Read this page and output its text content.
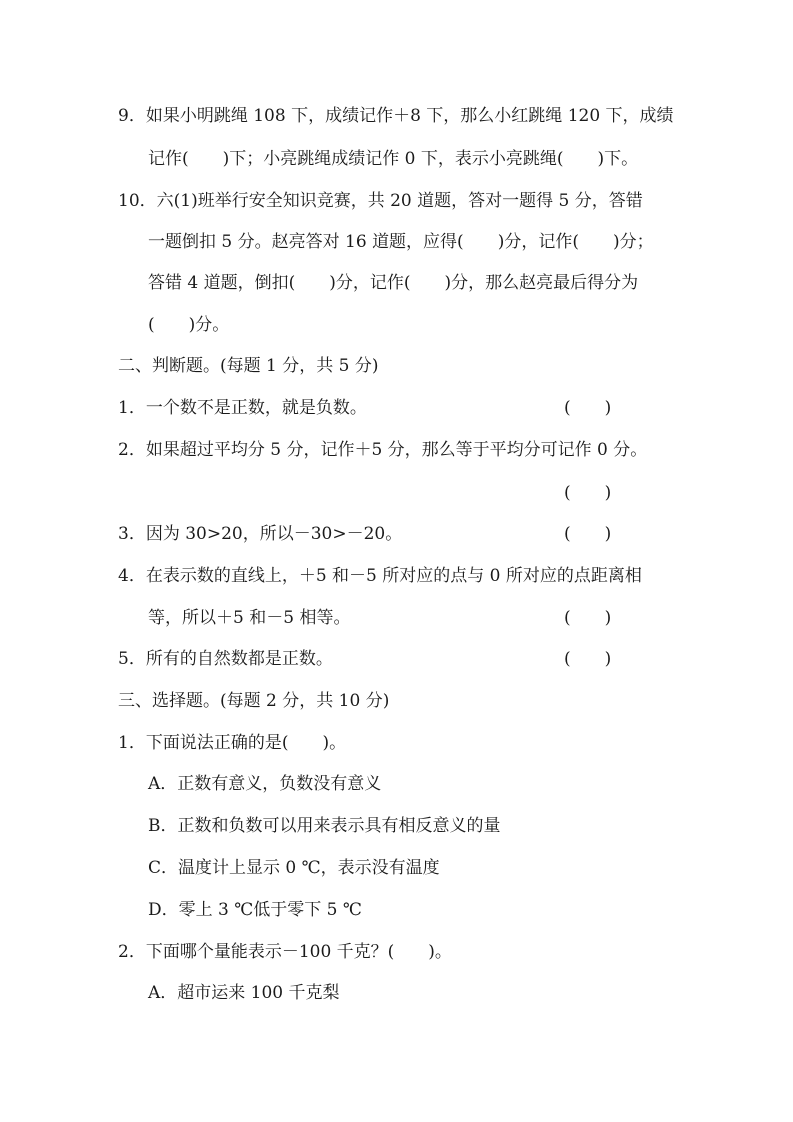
9．如果小明跳绳 108 下，成绩记作＋8 下，那么小红跳绳 120 下，成绩
记作(　　)下；小亮跳绳成绩记作 0 下，表示小亮跳绳(　　)下。
10．六(1)班举行安全知识竞赛，共 20 道题，答对一题得 5 分，答错
一题倒扣 5 分。赵亮答对 16 道题，应得(　　)分，记作(　　)分；
答错 4 道题，倒扣(　　)分，记作(　　)分，那么赵亮最后得分为
(　　)分。
二、判断题。(每题 1 分，共 5 分)
1．一个数不是正数，就是负数。	(　　)
2．如果超过平均分 5 分，记作＋5 分，那么等于平均分可记作 0 分。
(　　)
3．因为 30>20，所以－30>－20。	(　　)
4．在表示数的直线上，＋5 和－5 所对应的点与 0 所对应的点距离相
等，所以＋5 和－5 相等。	(　　)
5．所有的自然数都是正数。	(　　)
三、选择题。(每题 2 分，共 10 分)
1．下面说法正确的是(　　)。
A．正数有意义，负数没有意义
B．正数和负数可以用来表示具有相反意义的量
C．温度计上显示 0 ℃，表示没有温度
D．零上 3 ℃低于零下 5 ℃
2．下面哪个量能表示－100 千克？(　　)。
A．超市运来 100 千克梨
